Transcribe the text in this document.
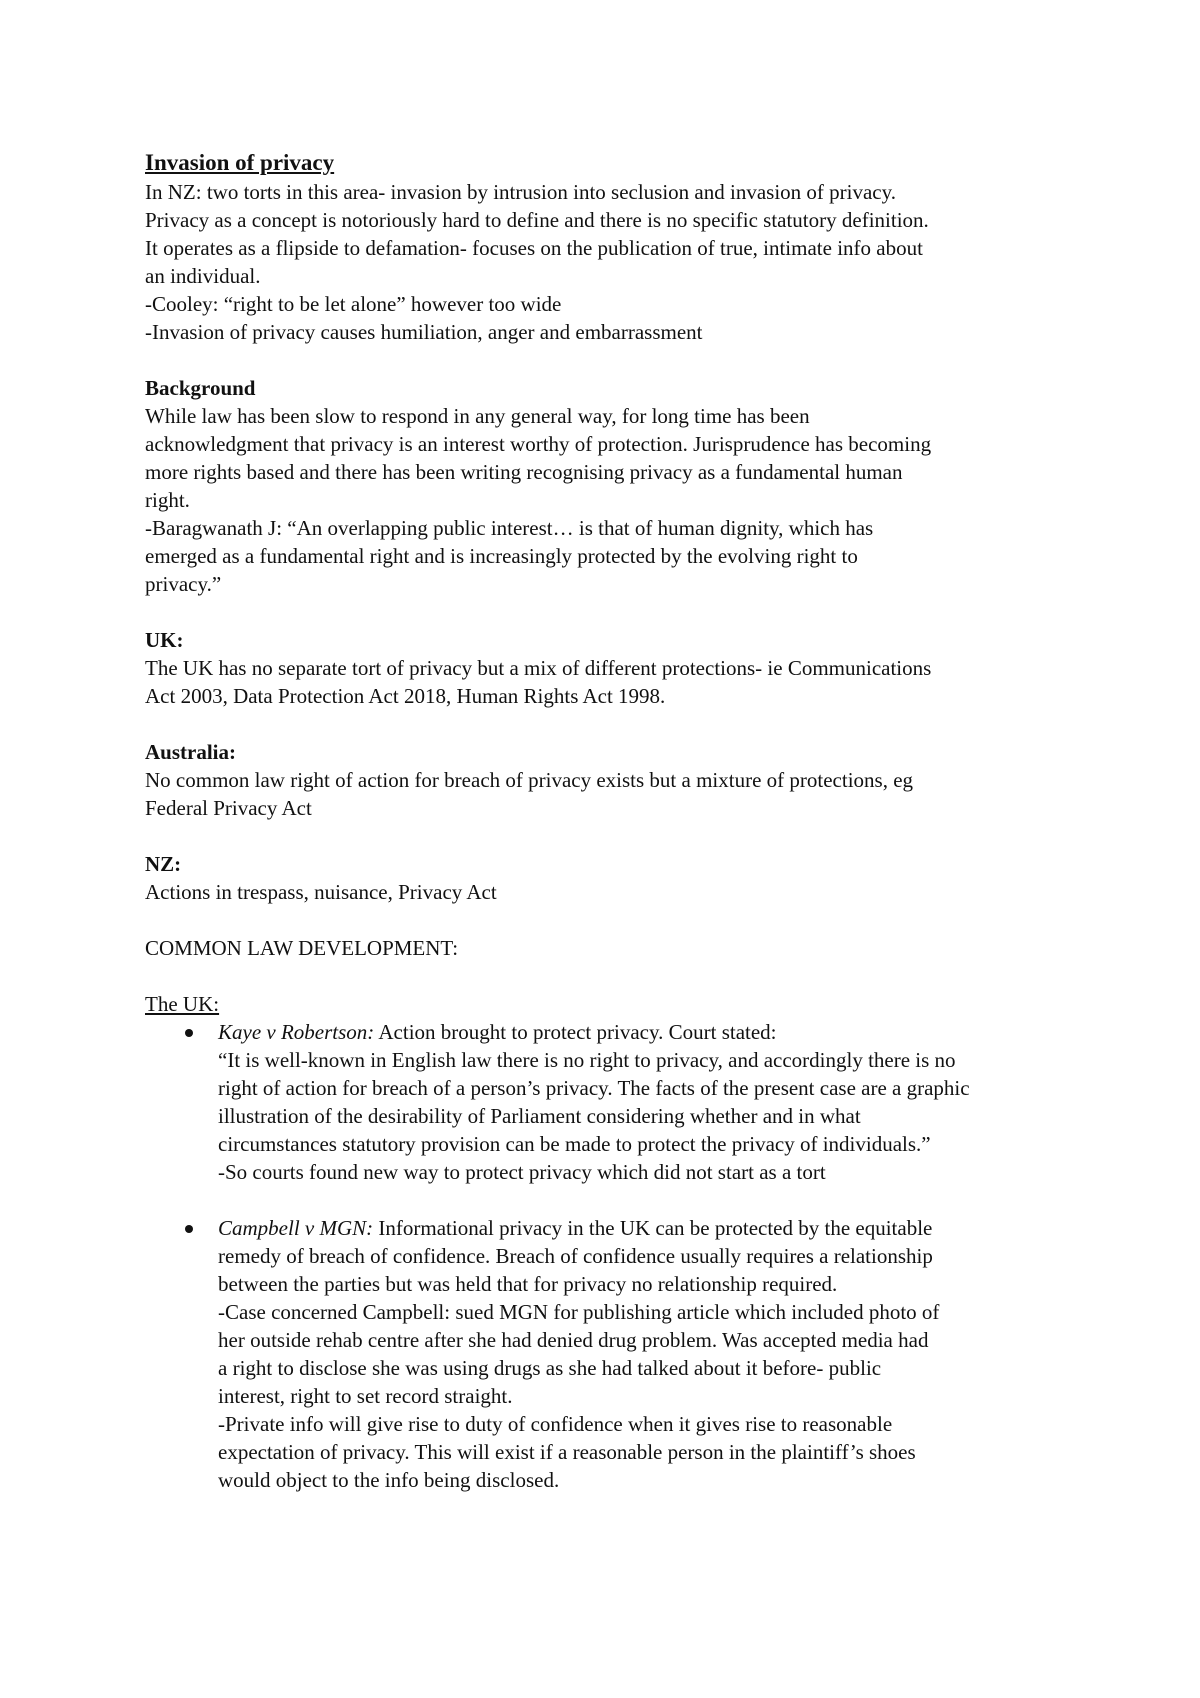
Invasion of privacy
In NZ: two torts in this area- invasion by intrusion into seclusion and invasion of privacy.
Privacy as a concept is notoriously hard to define and there is no specific statutory definition.
It operates as a flipside to defamation- focuses on the publication of true, intimate info about
an individual.
-Cooley: “right to be let alone” however too wide
-Invasion of privacy causes humiliation, anger and embarrassment
Background
While law has been slow to respond in any general way, for long time has been
acknowledgment that privacy is an interest worthy of protection. Jurisprudence has becoming
more rights based and there has been writing recognising privacy as a fundamental human
right.
-Baragwanath J: “An overlapping public interest… is that of human dignity, which has
emerged as a fundamental right and is increasingly protected by the evolving right to
privacy.”
UK:
The UK has no separate tort of privacy but a mix of different protections- ie Communications
Act 2003, Data Protection Act 2018, Human Rights Act 1998.
Australia:
No common law right of action for breach of privacy exists but a mixture of protections, eg
Federal Privacy Act
NZ:
Actions in trespass, nuisance, Privacy Act
COMMON LAW DEVELOPMENT:
The UK:
Kaye v Robertson: Action brought to protect privacy. Court stated:
“It is well-known in English law there is no right to privacy, and accordingly there is no
right of action for breach of a person’s privacy. The facts of the present case are a graphic
illustration of the desirability of Parliament considering whether and in what
circumstances statutory provision can be made to protect the privacy of individuals.”
-So courts found new way to protect privacy which did not start as a tort
Campbell v MGN: Informational privacy in the UK can be protected by the equitable
remedy of breach of confidence. Breach of confidence usually requires a relationship
between the parties but was held that for privacy no relationship required.
-Case concerned Campbell: sued MGN for publishing article which included photo of
her outside rehab centre after she had denied drug problem. Was accepted media had
a right to disclose she was using drugs as she had talked about it before- public
interest, right to set record straight.
-Private info will give rise to duty of confidence when it gives rise to reasonable
expectation of privacy. This will exist if a reasonable person in the plaintiff’s shoes
would object to the info being disclosed.
